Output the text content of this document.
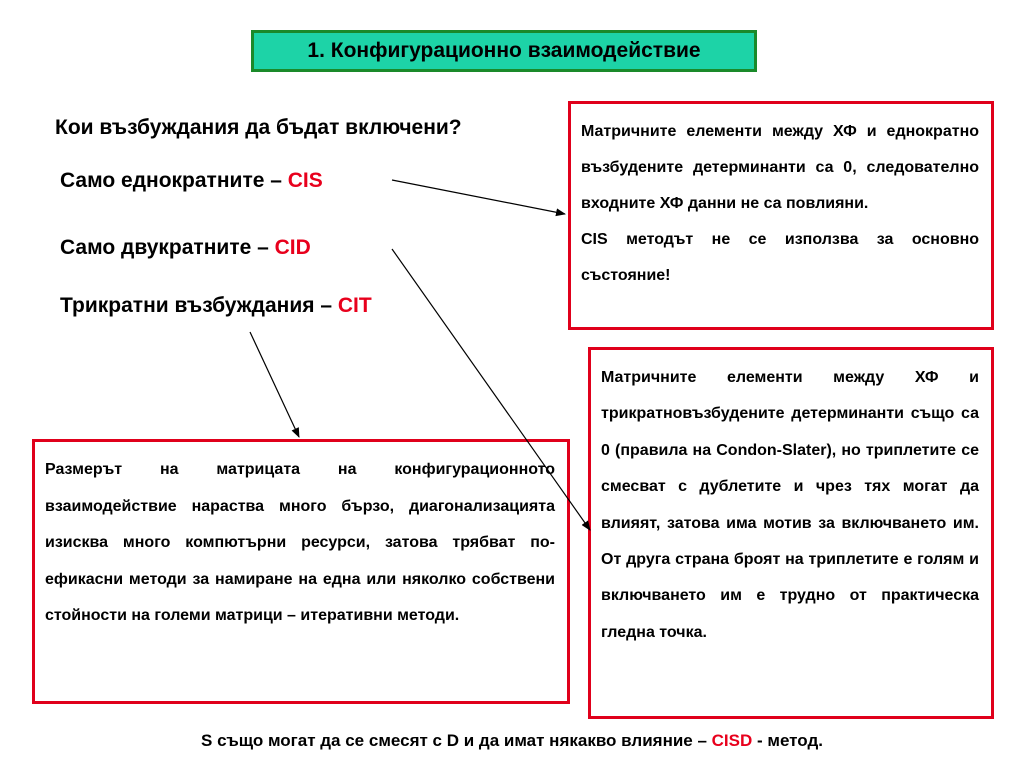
1. Конфигурационно взаимодействие
Кои възбуждания да бъдат включени?
Само еднократните – CIS
Само двукратните – CID
Трикратни възбуждания – CIT

Матричните елементи между ХФ и еднократно възбудените детерминанти са 0, следователно входните ХФ данни не са повлияни.

CIS методът не се използва за основно състояние!

Матричните елементи между ХФ и трикратновъзбудените детерминанти също са 0 (правила на Condon-Slater), но триплетите се смесват с дублетите и чрез тях могат да влияят, затова има мотив за включването им. От друга страна броят на триплетите е голям и включването им е трудно от практическа гледна точка.

Размерът на матрицата на конфигурационното взаимодействие нараства много бързо, диагонализацията изисква много компютърни ресурси, затова трябват по-ефикасни методи за намиране на една или няколко собствени стойности на големи матрици – итеративни методи.

S също могат да се смесят с D и да имат някакво влияние – CISD - метод.
